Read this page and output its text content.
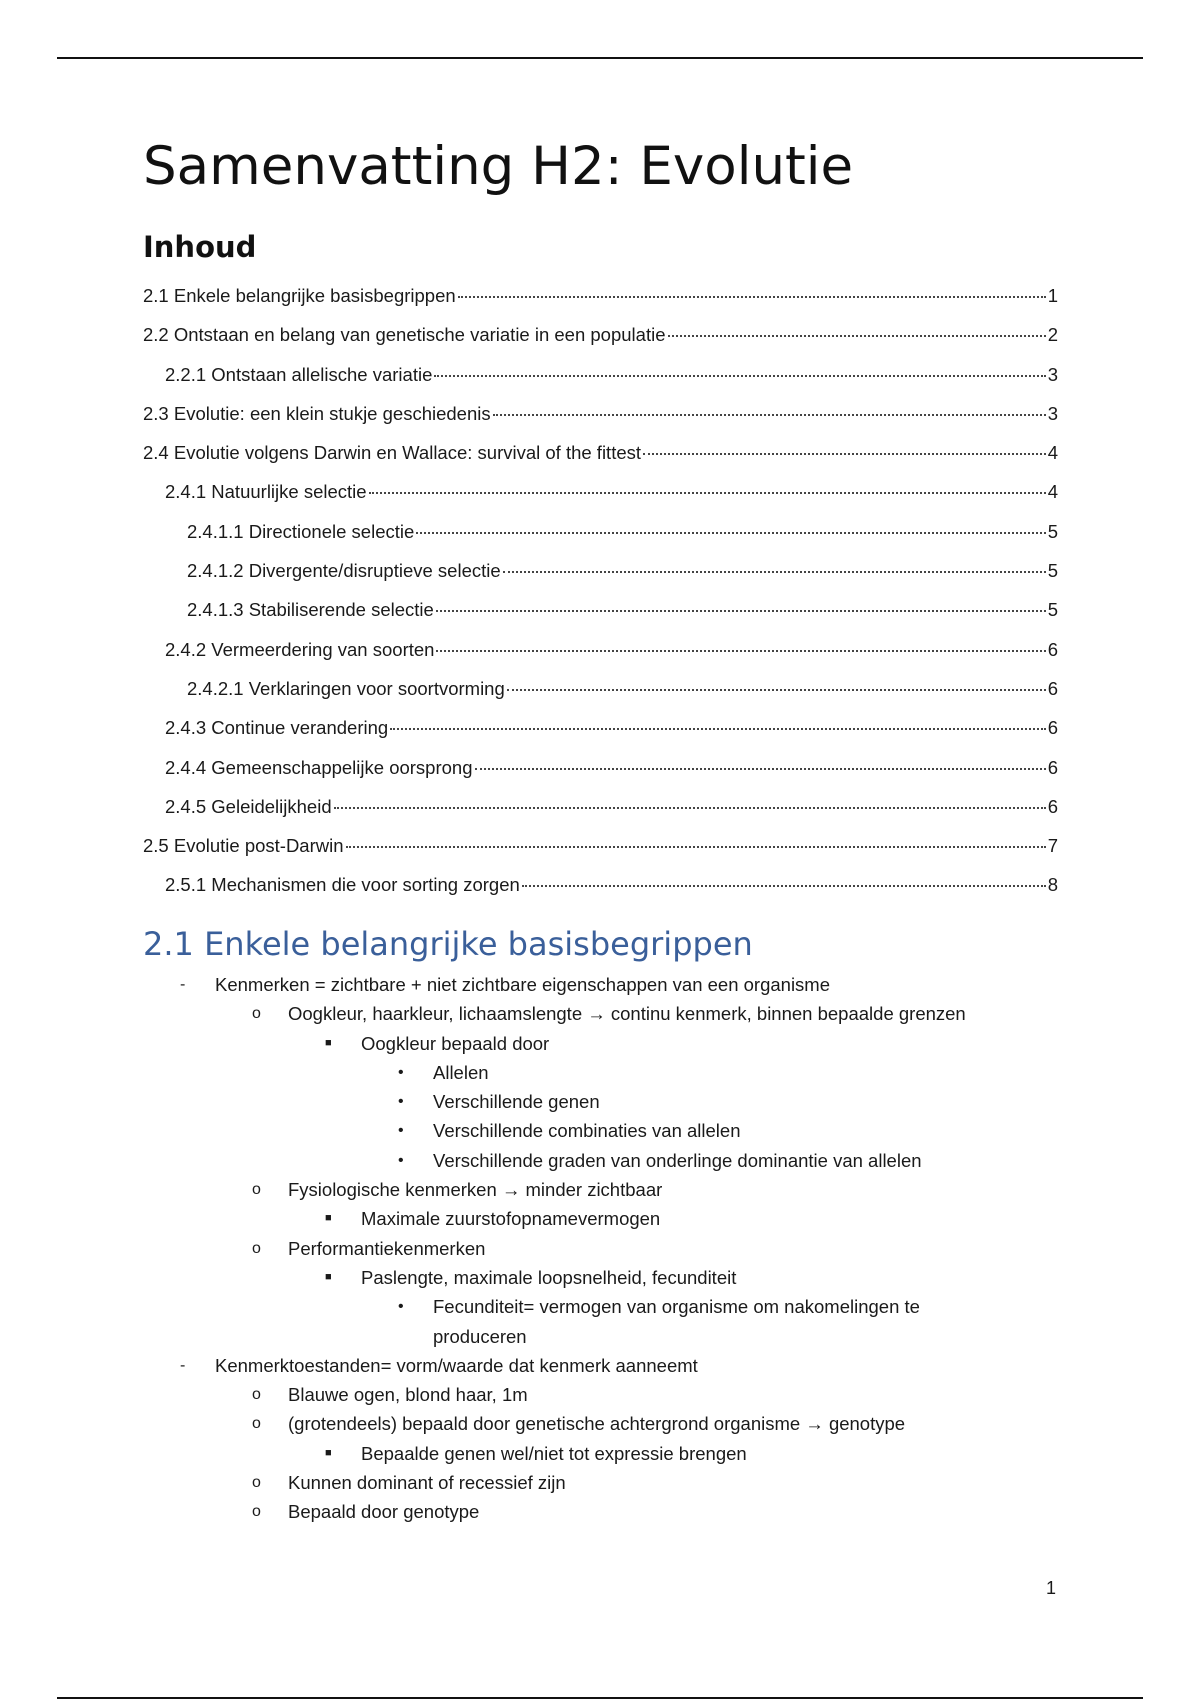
Samenvatting H2: Evolutie
Inhoud
2.1 Enkele belangrijke basisbegrippen	1
2.2 Ontstaan en belang van genetische variatie in een populatie	2
2.2.1 Ontstaan allelische variatie	3
2.3 Evolutie: een klein stukje geschiedenis	3
2.4 Evolutie volgens Darwin en Wallace: survival of the fittest	4
2.4.1 Natuurlijke selectie	4
2.4.1.1 Directionele selectie	5
2.4.1.2 Divergente/disruptieve selectie	5
2.4.1.3 Stabiliserende selectie	5
2.4.2 Vermeerdering van soorten	6
2.4.2.1 Verklaringen voor soortvorming	6
2.4.3 Continue verandering	6
2.4.4 Gemeenschappelijke oorsprong	6
2.4.5 Geleidelijkheid	6
2.5 Evolutie post-Darwin	7
2.5.1 Mechanismen die voor sorting zorgen	8
2.1 Enkele belangrijke basisbegrippen
- Kenmerken = zichtbare + niet zichtbare eigenschappen van een organisme
o Oogkleur, haarkleur, lichaamslengte → continu kenmerk, binnen bepaalde grenzen
■ Oogkleur bepaald door
• Allelen
• Verschillende genen
• Verschillende combinaties van allelen
• Verschillende graden van onderlinge dominantie van allelen
o Fysiologische kenmerken → minder zichtbaar
■ Maximale zuurstofopnamevermogen
o Performantiekenmerken
■ Paslengte, maximale loopsnelheid, fecunditeit
• Fecunditeit= vermogen van organisme om nakomelingen te
produceren
- Kenmerktoestanden= vorm/waarde dat kenmerk aanneemt
o Blauwe ogen, blond haar, 1m
o (grotendeels) bepaald door genetische achtergrond organisme → genotype
■ Bepaalde genen wel/niet tot expressie brengen
o Kunnen dominant of recessief zijn
o Bepaald door genotype
1
